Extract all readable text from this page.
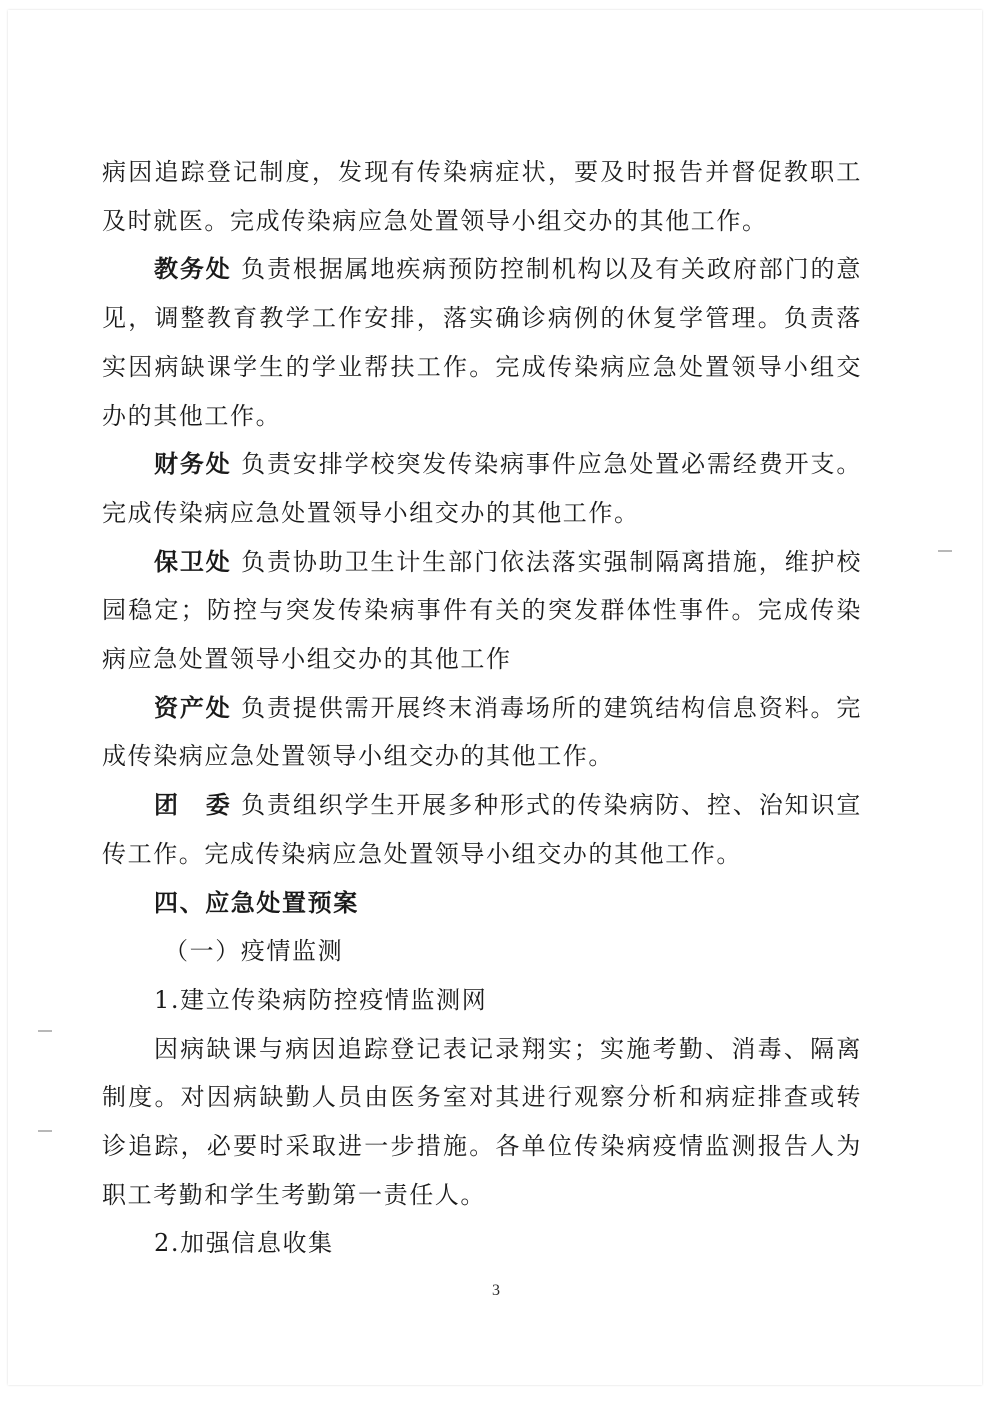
病因追踪登记制度，发现有传染病症状，要及时报告并督促教职工及时就医。完成传染病应急处置领导小组交办的其他工作。

教务处 负责根据属地疾病预防控制机构以及有关政府部门的意见，调整教育教学工作安排，落实确诊病例的休复学管理。负责落实因病缺课学生的学业帮扶工作。完成传染病应急处置领导小组交办的其他工作。

财务处 负责安排学校突发传染病事件应急处置必需经费开支。完成传染病应急处置领导小组交办的其他工作。

保卫处 负责协助卫生计生部门依法落实强制隔离措施，维护校园稳定；防控与突发传染病事件有关的突发群体性事件。完成传染病应急处置领导小组交办的其他工作

资产处 负责提供需开展终末消毒场所的建筑结构信息资料。完成传染病应急处置领导小组交办的其他工作。

团　委 负责组织学生开展多种形式的传染病防、控、治知识宣传工作。完成传染病应急处置领导小组交办的其他工作。

四、应急处置预案

（一）疫情监测

1.建立传染病防控疫情监测网

因病缺课与病因追踪登记表记录翔实；实施考勤、消毒、隔离制度。对因病缺勤人员由医务室对其进行观察分析和病症排查或转诊追踪，必要时采取进一步措施。各单位传染病疫情监测报告人为职工考勤和学生考勤第一责任人。

2.加强信息收集

3
